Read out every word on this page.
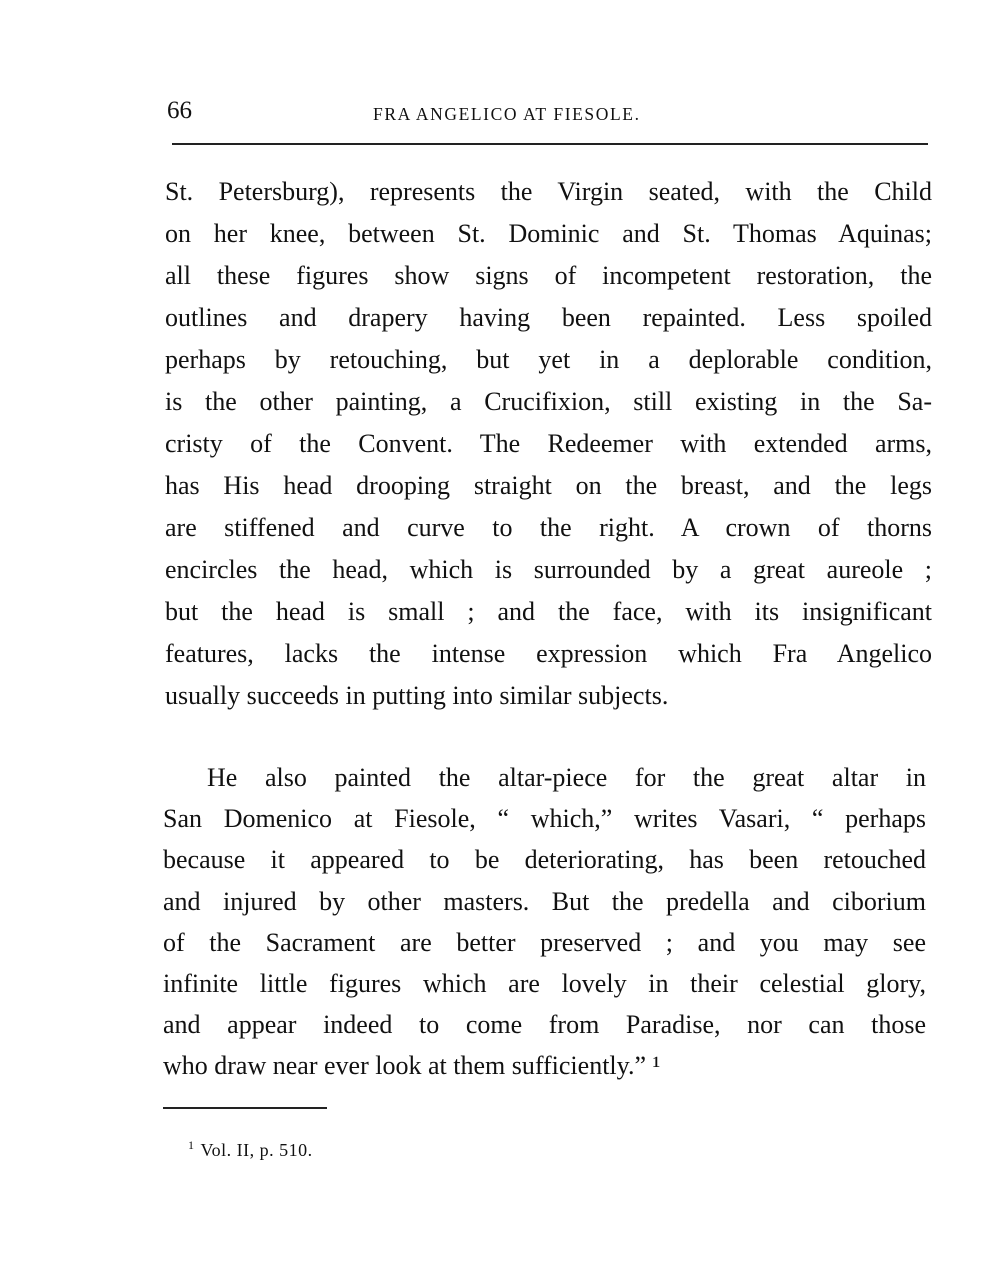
66	FRA ANGELICO AT FIESOLE.
St. Petersburg), represents the Virgin seated, with the Child
on her knee, between St. Dominic and St. Thomas Aquinas;
all these figures show signs of incompetent restoration, the
outlines and drapery having been repainted. Less spoiled
perhaps by retouching, but yet in a deplorable condition,
is the other painting, a Crucifixion, still existing in the Sa-
cristy of the Convent. The Redeemer with extended arms,
has His head drooping straight on the breast, and the legs
are stiffened and curve to the right. A crown of thorns
encircles the head, which is surrounded by a great aureole ;
but the head is small ; and the face, with its insignificant
features, lacks the intense expression which Fra Angelico
usually succeeds in putting into similar subjects.
He also painted the altar-piece for the great altar in
San Domenico at Fiesole, “ which,” writes Vasari, “ perhaps
because it appeared to be deteriorating, has been retouched
and injured by other masters. But the predella and ciborium
of the Sacrament are better preserved ; and you may see
infinite little figures which are lovely in their celestial glory,
and appear indeed to come from Paradise, nor can those
who draw near ever look at them sufficiently.” ¹
$^1$ Vol. II, p. 510.
